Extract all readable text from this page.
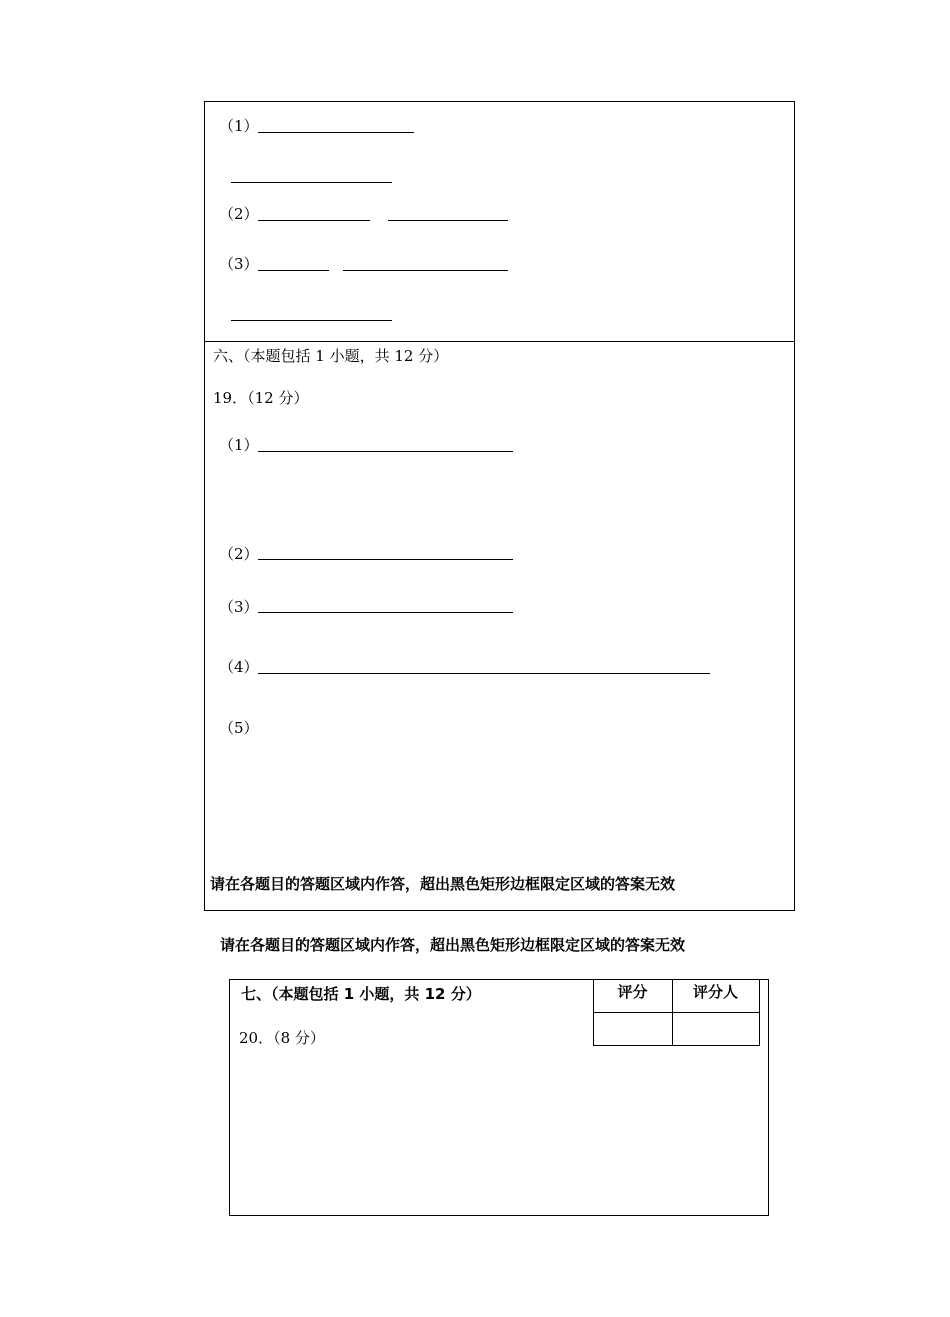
（1）
（2）
（3）
六、（本题包括 1 小题，共 12 分）
19．（12 分）
（1）
（2）
（3）
（4）
（5）
请在各题目的答题区域内作答，超出黑色矩形边框限定区域的答案无效
请在各题目的答题区域内作答，超出黑色矩形边框限定区域的答案无效
七、（本题包括 1 小题，共 12 分）
20．（8 分）
评分	评分人
